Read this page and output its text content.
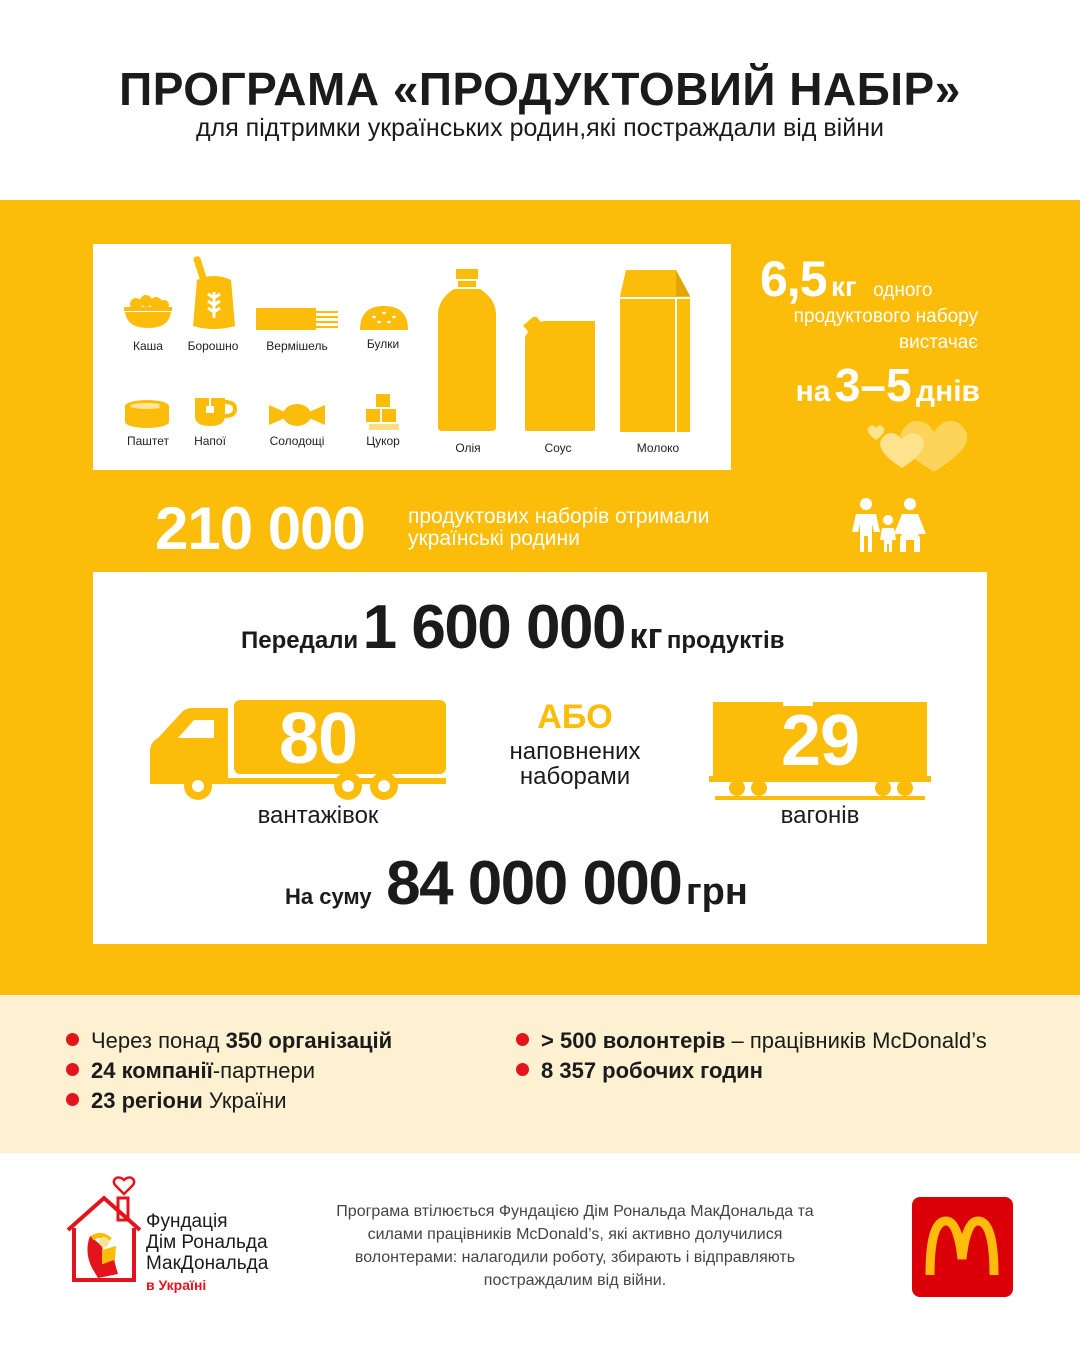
ПРОГРАМА «ПРОДУКТОВИЙ НАБІР»
для підтримки українських родин,які постраждали від війни
Каша	Борошно	Вермішель	Булки
Паштет	Напої	Солодощі	Цукор	Олія	Соус	Молоко
6,5 кг одного
продуктового набору
вистачає
на 3–5 днів
210 000 продуктових наборів отримали українські родини
Передали 1 600 000 кг продуктів
80
вантажівок
АБО
наповнених
наборами	29
вагонів
На суму 84 000 000 грн
Через понад 350 організацій
24 компанії-партнери
23 регіони України
> 500 волонтерів – працівників McDonald’s
8 357 робочих годин
Фундація
Дім Рональда
МакДональда
в Україні
Програма втілюється Фундацією Дім Рональда МакДональда та силами працівників McDonald’s, які активно долучилися волонтерами: налагодили роботу, збирають і відправляють постраждалим від війни.
